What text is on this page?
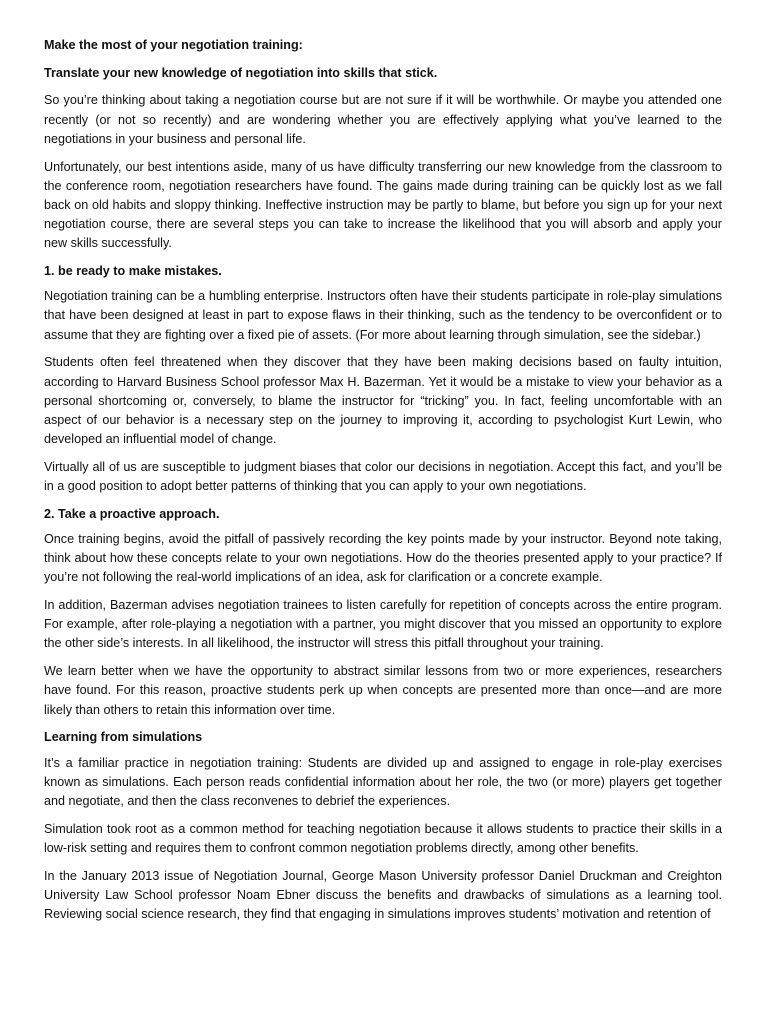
Make the most of your negotiation training:

Translate your new knowledge of negotiation into skills that stick.

So you’re thinking about taking a negotiation course but are not sure if it will be worthwhile. Or maybe you attended one recently (or not so recently) and are wondering whether you are effectively applying what you’ve learned to the negotiations in your business and personal life.

Unfortunately, our best intentions aside, many of us have difficulty transferring our new knowledge from the classroom to the conference room, negotiation researchers have found. The gains made during training can be quickly lost as we fall back on old habits and sloppy thinking. Ineffective instruction may be partly to blame, but before you sign up for your next negotiation course, there are several steps you can take to increase the likelihood that you will absorb and apply your new skills successfully.

1. be ready to make mistakes.

Negotiation training can be a humbling enterprise. Instructors often have their students participate in role-play simulations that have been designed at least in part to expose flaws in their thinking, such as the tendency to be overconfident or to assume that they are fighting over a fixed pie of assets. (For more about learning through simulation, see the sidebar.)

Students often feel threatened when they discover that they have been making decisions based on faulty intuition, according to Harvard Business School professor Max H. Bazerman. Yet it would be a mistake to view your behavior as a personal shortcoming or, conversely, to blame the instructor for “tricking” you. In fact, feeling uncomfortable with an aspect of our behavior is a necessary step on the journey to improving it, according to psychologist Kurt Lewin, who developed an influential model of change.

Virtually all of us are susceptible to judgment biases that color our decisions in negotiation. Accept this fact, and you’ll be in a good position to adopt better patterns of thinking that you can apply to your own negotiations.

2. Take a proactive approach.

Once training begins, avoid the pitfall of passively recording the key points made by your instructor. Beyond note taking, think about how these concepts relate to your own negotiations. How do the theories presented apply to your practice? If you’re not following the real-world implications of an idea, ask for clarification or a concrete example.

In addition, Bazerman advises negotiation trainees to listen carefully for repetition of concepts across the entire program. For example, after role-playing a negotiation with a partner, you might discover that you missed an opportunity to explore the other side’s interests. In all likelihood, the instructor will stress this pitfall throughout your training.

We learn better when we have the opportunity to abstract similar lessons from two or more experiences, researchers have found. For this reason, proactive students perk up when concepts are presented more than once—and are more likely than others to retain this information over time.

Learning from simulations

It’s a familiar practice in negotiation training: Students are divided up and assigned to engage in role-play exercises known as simulations. Each person reads confidential information about her role, the two (or more) players get together and negotiate, and then the class reconvenes to debrief the experiences.

Simulation took root as a common method for teaching negotiation because it allows students to practice their skills in a low-risk setting and requires them to confront common negotiation problems directly, among other benefits.

In the January 2013 issue of Negotiation Journal, George Mason University professor Daniel Druckman and Creighton University Law School professor Noam Ebner discuss the benefits and drawbacks of simulations as a learning tool. Reviewing social science research, they find that engaging in simulations improves students’ motivation and retention of
